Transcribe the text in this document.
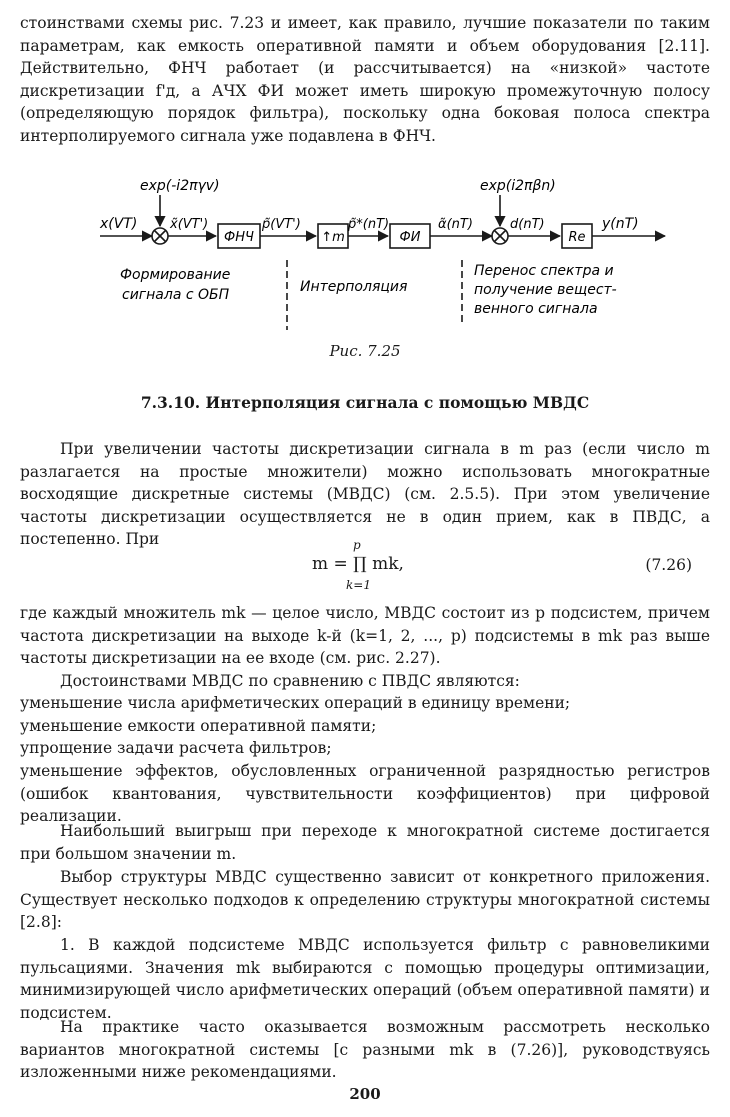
стоинствами схемы рис. 7.23 и имеет, как правило, лучшие показатели по таким параметрам, как емкость оперативной памяти и объем оборудования [2.11]. Действительно, ФНЧ работает (и рассчитывается) на «низкой» частоте дискретизации f'д, а АЧХ ФИ может иметь широкую промежуточную полосу (определяющую порядок фильтра), поскольку одна боковая полоса спектра интерполируемого сигнала уже подавлена в ФНЧ.

x(VT)
exp(-i2πγv)
x̃(VT')
ФНЧ
p̃(VT')
↑m
p̃*(nT)
ФИ
α̃(nT)
exp(i2πβn)
d(nT)
Re
y(nT)
Формирование
сигнала с ОБП	Интерполяция
Перенос спектра и
получение вещест-
венного сигнала
Рис. 7.25
7.3.10. Интерполяция сигнала с помощью МВДС

При увеличении частоты дискретизации сигнала в m раз (если число m разлагается на простые множители) можно использовать многократные восходящие дискретные системы (МВДС) (см. 2.5.5). При этом увеличение частоты дискретизации осуществляется не в один прием, как в ПВДС, а постепенно. При	p
m = ∏ mk,
k=1
(7.26)

где каждый множитель mk — целое число, МВДС состоит из p подсистем, причем частота дискретизации на выходе k-й (k=1, 2, ..., p) подсистемы в mk раз выше частоты дискретизации на ее входе (см. рис. 2.27).

Достоинствами МВДС по сравнению с ПВДС являются:

уменьшение числа арифметических операций в единицу времени;

уменьшение емкости оперативной памяти;

упрощение задачи расчета фильтров;

уменьшение эффектов, обусловленных ограниченной разрядностью регистров (ошибок квантования, чувствительности коэффициентов) при цифровой реализации.

Наибольший выигрыш при переходе к многократной системе достигается при большом значении m.

Выбор структуры МВДС существенно зависит от конкретного приложения. Существует несколько подходов к определению структуры многократной системы [2.8]:

1. В каждой подсистеме МВДС используется фильтр с равновеликими пульсациями. Значения mk выбираются с помощью процедуры оптимизации, минимизирующей число арифметических операций (объем оперативной памяти) и подсистем.

На практике часто оказывается возможным рассмотреть несколько вариантов многократной системы [с разными mk в (7.26)], руководствуясь изложенными ниже рекомендациями.

200
